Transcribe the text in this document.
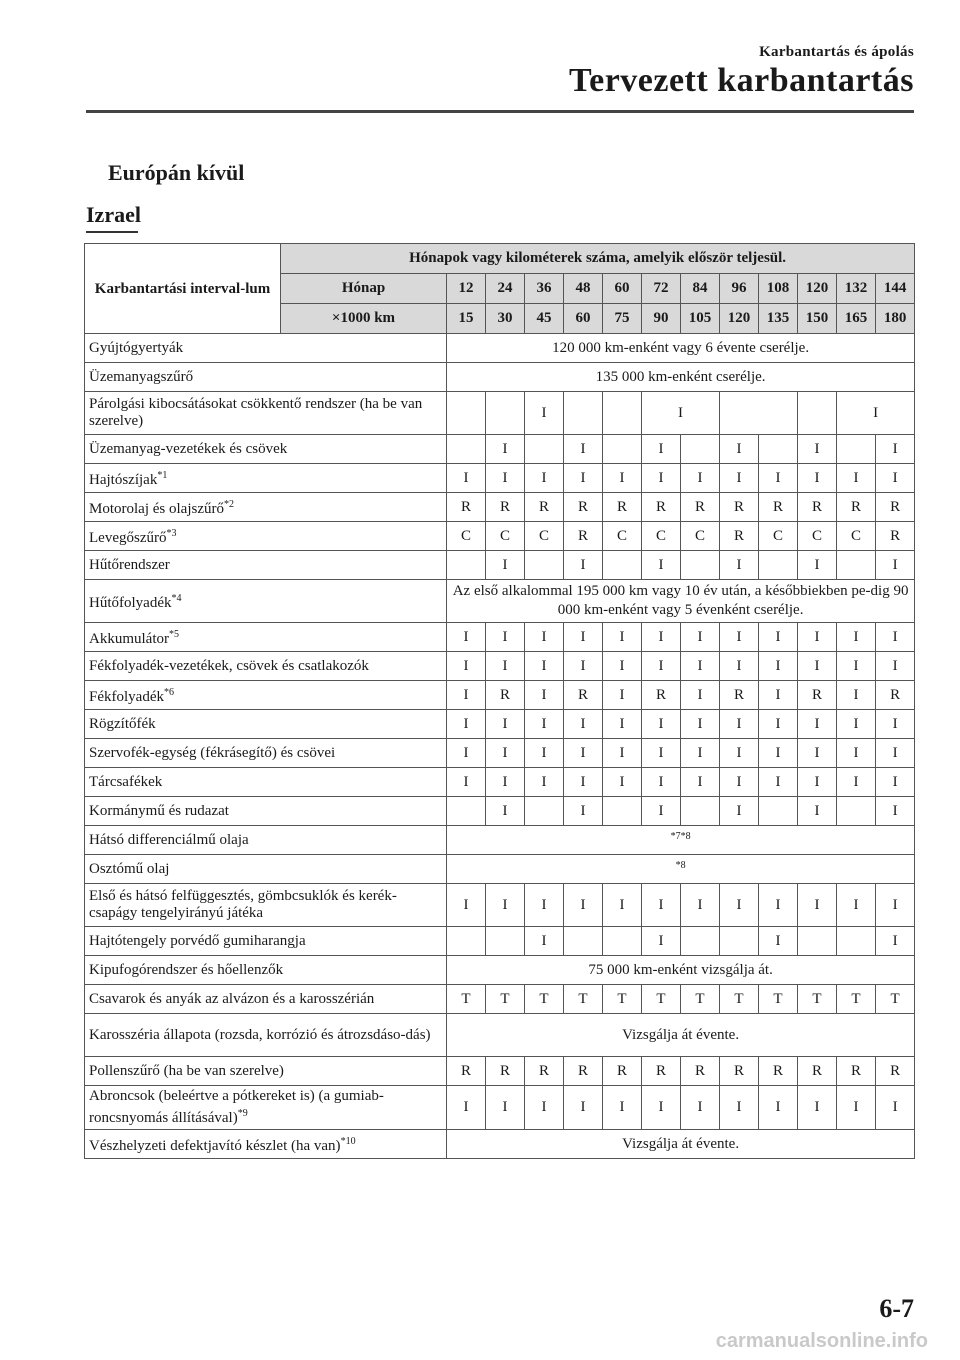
Karbantartás és ápolás
Tervezett karbantartás
Európán kívül
Izrael
Karbantartási interval-lum	Hónapok vagy kilométerek száma, amelyik először teljesül.												
	Hónap	12	24	36	48	60	72	84	96	108	120	132	144
	×1000 km	15	30	45	60	75	90	105	120	135	150	165	180
Gyújtógyertyák		120 000 km-enként vagy 6 évente cserélje.											
Üzemanyagszűrő		135 000 km-enként cserélje.											
Párolgási kibocsátásokat csökkentő rendszer (ha be van szerelve)				I			I					I	
Üzemanyag-vezetékek és csövek			I		I		I		I		I		I
Hajtószíjak$^{*1}$		I	I	I	I	I	I	I	I	I	I	I	I
Motorolaj és olajszűrő$^{*2}$		R	R	R	R	R	R	R	R	R	R	R	R
Levegőszűrő$^{*3}$		C	C	C	R	C	C	C	R	C	C	C	R
Hűtőrendszer			I		I		I		I		I		I
Hűtőfolyadék$^{*4}$		Az első alkalommal 195 000 km vagy 10 év után, a későbbiekben pe-dig 90 000 km-enként vagy 5 évenként cserélje.											
Akkumulátor$^{*5}$		I	I	I	I	I	I	I	I	I	I	I	I
Fékfolyadék-vezetékek, csövek és csatlakozók		I	I	I	I	I	I	I	I	I	I	I	I
Fékfolyadék$^{*6}$		I	R	I	R	I	R	I	R	I	R	I	R
Rögzítőfék		I	I	I	I	I	I	I	I	I	I	I	I
Szervofék-egység (fékrásegítő) és csövei		I	I	I	I	I	I	I	I	I	I	I	I
Tárcsafékek		I	I	I	I	I	I	I	I	I	I	I	I
Kormánymű és rudazat			I		I		I		I		I		I
Hátsó differenciálmű olaja		*7*8											
Osztómű olaj		*8											
Első és hátsó felfüggesztés, gömbcsuklók és kerék-csapágy tengelyirányú játéka		I	I	I	I	I	I	I	I	I	I	I	I
Hajtótengely porvédő gumiharangja				I			I			I			I
Kipufogórendszer és hőellenzők		75 000 km-enként vizsgálja át.											
Csavarok és anyák az alvázon és a karosszérián		T	T	T	T	T	T	T	T	T	T	T	T
Karosszéria állapota (rozsda, korrózió és átrozsdáso-dás)		Vizsgálja át évente.											
Pollenszűrő (ha be van szerelve)		R	R	R	R	R	R	R	R	R	R	R	R
Abroncsok (beleértve a pótkereket is) (a gumiab-roncsnyomás állításával)$^{*9}$		I	I	I	I	I	I	I	I	I	I	I	I
Vészhelyzeti defektjavító készlet (ha van)$^{*10}$		Vizsgálja át évente.											
6-7
carmanualsonline.info
